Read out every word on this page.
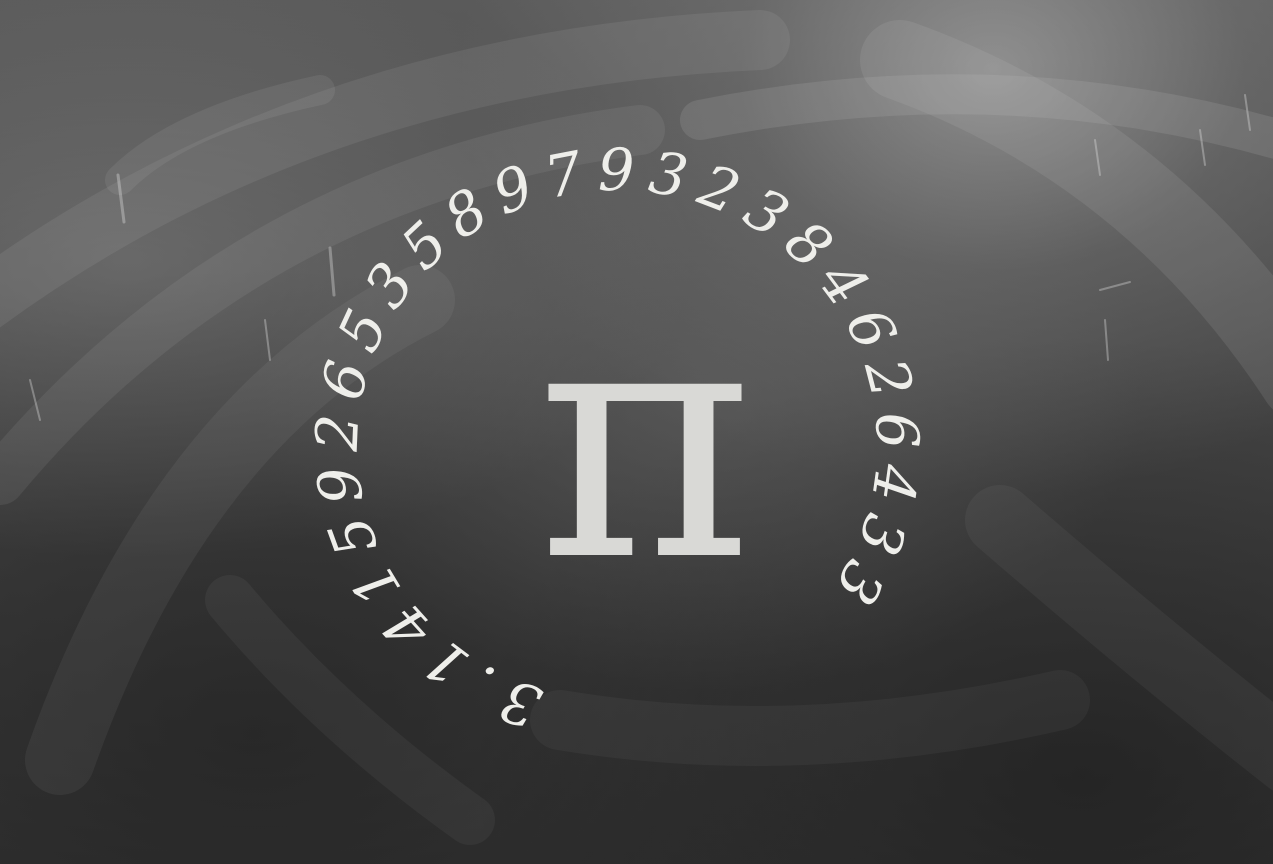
π
3.1415926535897932384626433
